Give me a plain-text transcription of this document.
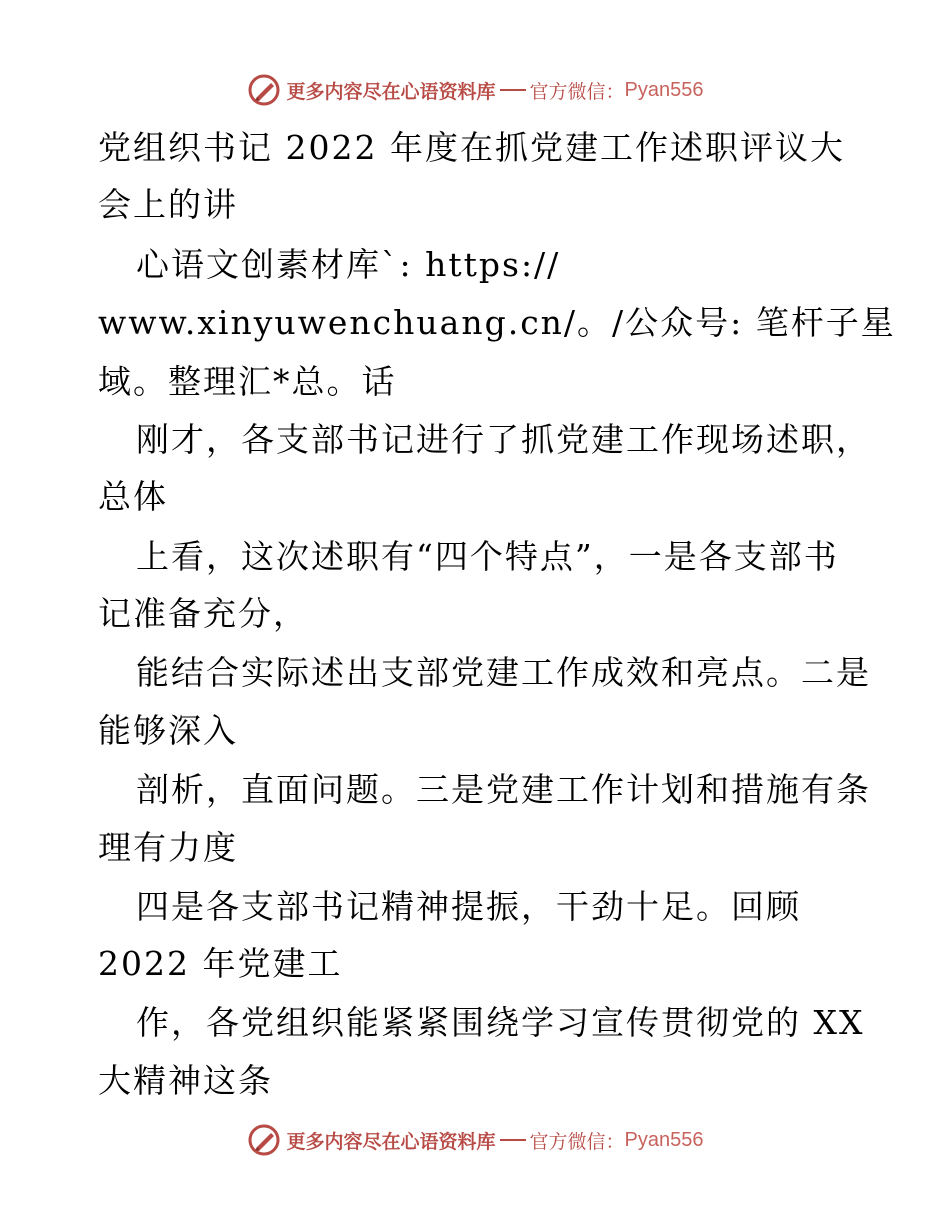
更多内容尽在心语资料库 官方微信： Pyan556
党组织书记 2022 年度在抓党建工作述职评议大
会上的讲
心语文创素材库`: https://
www.xinyuwenchuang.cn/。/公众号: 笔杆子星
域。整理汇*总。话
刚才，各支部书记进行了抓党建工作现场述职，
总体
上看，这次述职有“四个特点”，一是各支部书
记准备充分，
能结合实际述出支部党建工作成效和亮点。二是
能够深入
剖析，直面问题。三是党建工作计划和措施有条
理有力度
四是各支部书记精神提振，干劲十足。回顾
2022 年党建工
作，各党组织能紧紧围绕学习宣传贯彻党的 XX
大精神这条
更多内容尽在心语资料库 官方微信： Pyan556
